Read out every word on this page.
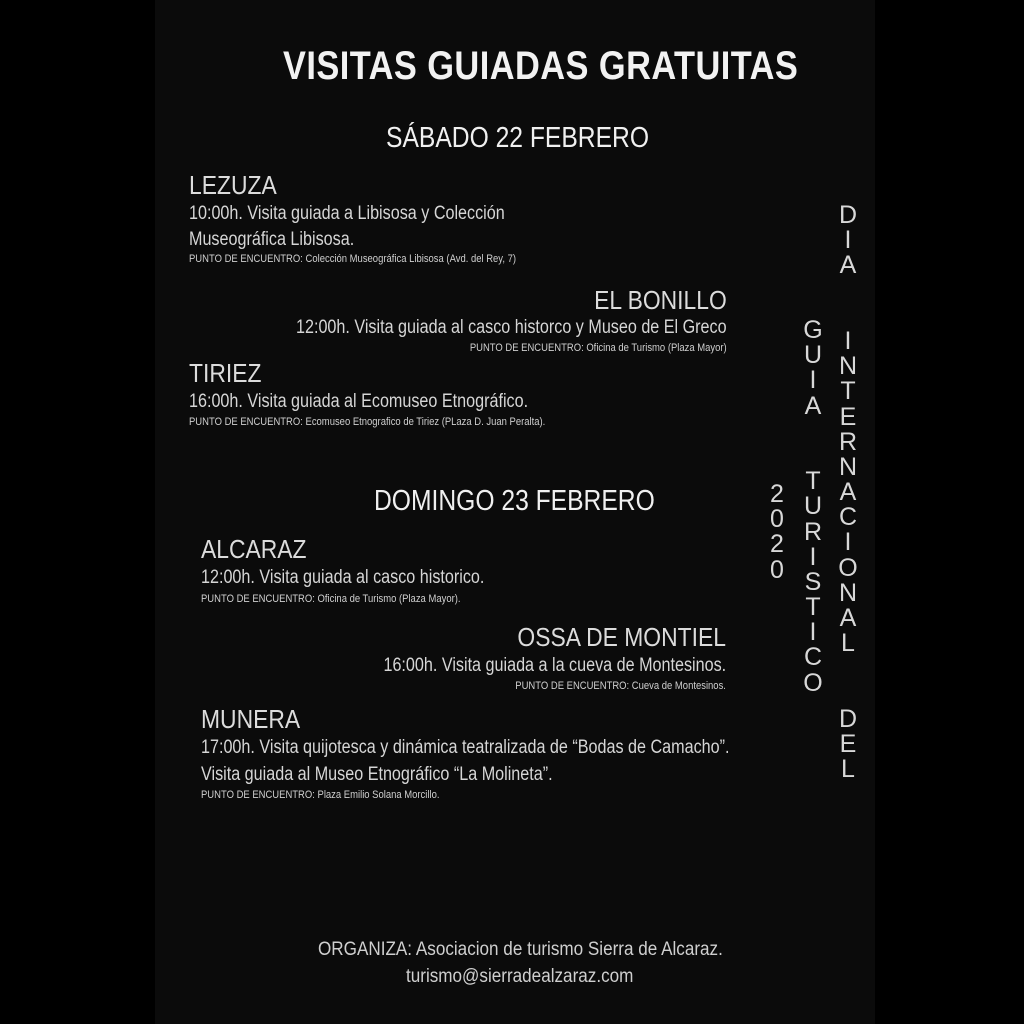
VISITAS GUIADAS GRATUITAS
SÁBADO 22 FEBRERO
LEZUZA
10:00h. Visita guiada a Libisosa y Colección
Museográfica Libisosa.
PUNTO DE ENCUENTRO: Colección Museográfica Libisosa (Avd. del Rey, 7)
EL BONILLO
12:00h. Visita guiada al casco historco y Museo de El Greco
PUNTO DE ENCUENTRO: Oficina de Turismo (Plaza Mayor)
TIRIEZ
16:00h. Visita guiada al Ecomuseo Etnográfico.
PUNTO DE ENCUENTRO: Ecomuseo Etnografico de Tiriez (PLaza D. Juan Peralta).
DOMINGO 23 FEBRERO
ALCARAZ
12:00h. Visita guiada al casco historico.
PUNTO DE ENCUENTRO: Oficina de Turismo (Plaza Mayor).
OSSA DE MONTIEL
16:00h. Visita guiada a la cueva de Montesinos.
PUNTO DE ENCUENTRO: Cueva de Montesinos.
MUNERA
17:00h. Visita quijotesca y dinámica teatralizada de “Bodas de Camacho”.
Visita guiada al Museo Etnográfico “La Molineta”.
PUNTO DE ENCUENTRO: Plaza Emilio Solana Morcillo.
2
0
2
0
G
U
I
A

T
U
R
I
S
T
I
C
O
D
I
A

I
N
T
E
R
N
A
C
I
O
N
A
L

D
E
L
ORGANIZA: Asociacion de turismo Sierra de Alcaraz.
turismo@sierradealzaraz.com
